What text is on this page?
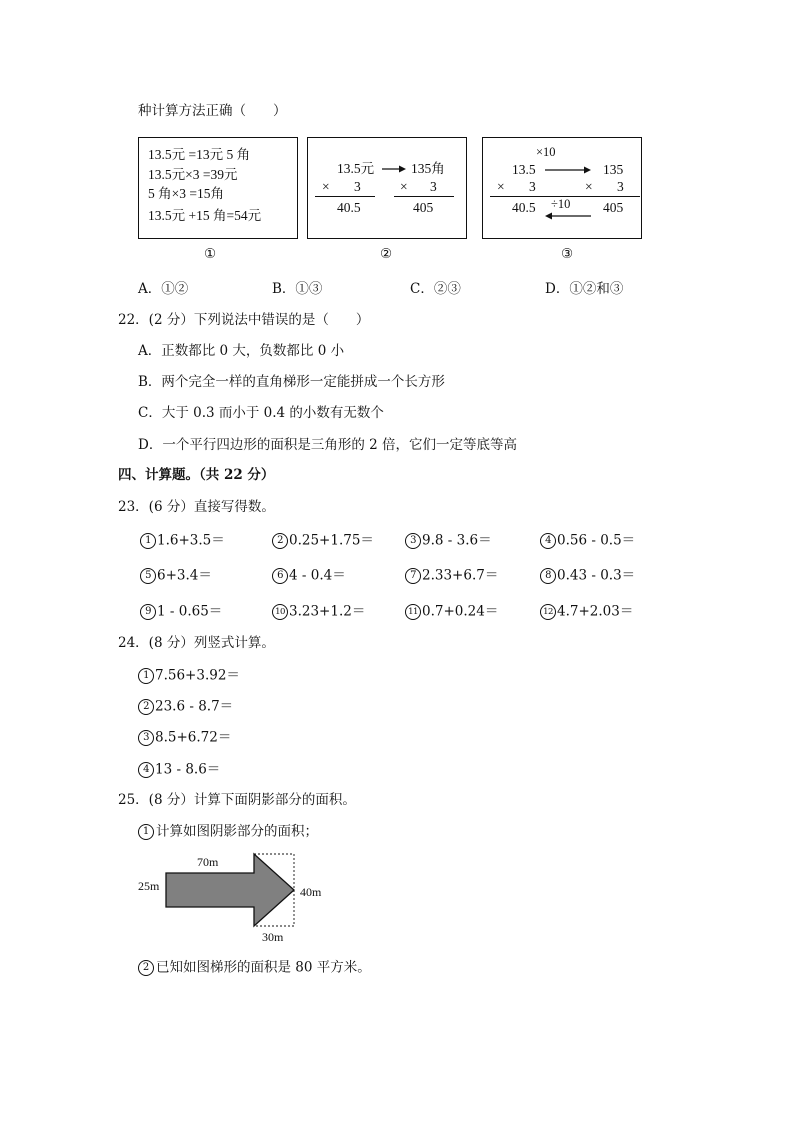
种计算方法正确（　　）
13.5元 =13元 5 角
13.5元×3 =39元
5 角×3 =15角
13.5元 +15 角=54元
13.5元	135角
× 3	× 3
40.5	405
×10
13.5	135
× 3	× 3
40.5 ÷10 405
①	②	③
A．①②	B．①③	C．②③	D．①②和③
22．(2 分）下列说法中错误的是（　　）
A．正数都比 0 大，负数都比 0 小
B．两个完全一样的直角梯形一定能拼成一个长方形
C．大于 0.3 而小于 0.4 的小数有无数个
D．一个平行四边形的面积是三角形的 2 倍，它们一定等底等高
四、计算题。（共 22 分）
23．(6 分）直接写得数。
1 1.6+3.5＝	2 0.25+1.75＝	3 9.8 - 3.6＝	4 0.56 - 0.5＝
5 6+3.4＝	6 4 - 0.4＝	7 2.33+6.7＝	8 0.43 - 0.3＝
9 1 - 0.65＝	10 3.23+1.2＝	11 0.7+0.24＝	12 4.7+2.03＝
24．(8 分）列竖式计算。
1 7.56+3.92＝
2 23.6 - 8.7＝
3 8.5+6.72＝
4 13 - 8.6＝
25．(8 分）计算下面阴影部分的面积。
1 计算如图阴影部分的面积；
70m
25m	40m
30m
2 已知如图梯形的面积是 80 平方米。
